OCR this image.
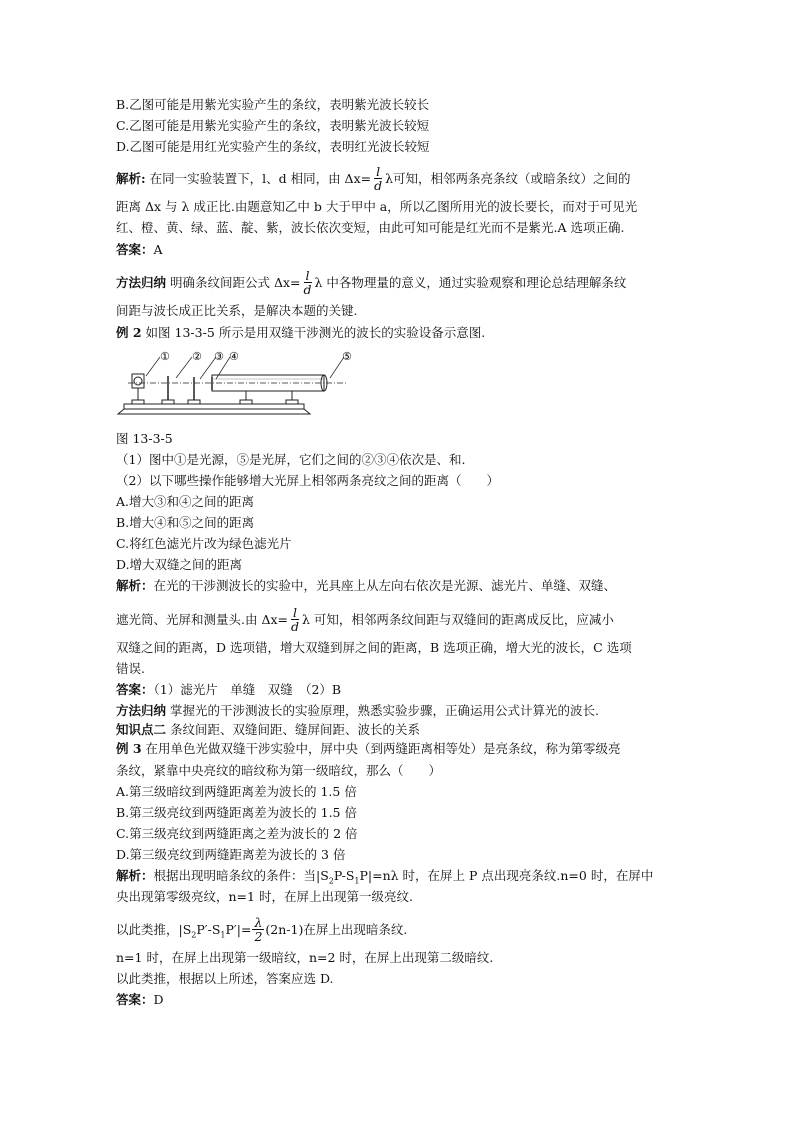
B.乙图可能是用紫光实验产生的条纹，表明紫光波长较长
C.乙图可能是用紫光实验产生的条纹，表明紫光波长较短
D.乙图可能是用红光实验产生的条纹，表明红光波长较短
解析: 在同一实验装置下，l、d 相同，由 $\Delta x= \frac{l}{d}$ λ可知，相邻两条亮条纹（或暗条纹）之间的
距离 Δx 与 λ 成正比.由题意知乙中 b 大于甲中 a，所以乙图所用光的波长要长，而对于可见光
红、橙、黄、绿、蓝、靛、紫，波长依次变短，由此可知可能是红光而不是紫光.A 选项正确.
答案：A
方法归纳 明确条纹间距公式 $\Delta x= \frac{l}{d}$ λ 中各物理量的意义，通过实验观察和理论总结理解条纹
间距与波长成正比关系，是解决本题的关键.
例 2 如图 13-3-5 所示是用双缝干涉测光的波长的实验设备示意图.
① ② ③ ④	⑤
图 13-3-5
（1）图中①是光源，⑤是光屏，它们之间的②③④依次是、和.
（2）以下哪些操作能够增大光屏上相邻两条亮纹之间的距离（　　）
A.增大③和④之间的距离
B.增大④和⑤之间的距离
C.将红色滤光片改为绿色滤光片
D.增大双缝之间的距离
解析：在光的干涉测波长的实验中，光具座上从左向右依次是光源、滤光片、单缝、双缝、
遮光筒、光屏和测量头.由 $\Delta x= \frac{l}{d}$ λ 可知，相邻两条纹间距与双缝间的距离成反比，应减小
双缝之间的距离，D 选项错，增大双缝到屏之间的距离，B 选项正确，增大光的波长，C 选项
错误.
答案：（1）滤光片　单缝　双缝　（2）B
方法归纳 掌握光的干涉测波长的实验原理，熟悉实验步骤，正确运用公式计算光的波长.
知识点二 条纹间距、双缝间距、缝屏间距、波长的关系
例 3 在用单色光做双缝干涉实验中，屏中央（到两缝距离相等处）是亮条纹，称为第零级亮
条纹，紧靠中央亮纹的暗纹称为第一级暗纹，那么（　　）
A.第三级暗纹到两缝距离差为波长的 1.5 倍
B.第三级亮纹到两缝距离差为波长的 1.5 倍
C.第三级亮纹到两缝距离之差为波长的 2 倍
D.第三级亮纹到两缝距离差为波长的 3 倍
解析：根据出现明暗条纹的条件：当$|S_2P-S_1P|=n\lambda$ 时，在屏上 P 点出现亮条纹.n=0 时，在屏中
央出现第零级亮纹，n=1 时，在屏上出现第一级亮纹.
以此类推，$|S_2P'-S_1P'|= \frac{\lambda}{2} (2n-1)$在屏上出现暗条纹.
n=1 时，在屏上出现第一级暗纹，n=2 时，在屏上出现第二级暗纹.
以此类推，根据以上所述，答案应选 D.
答案：D
